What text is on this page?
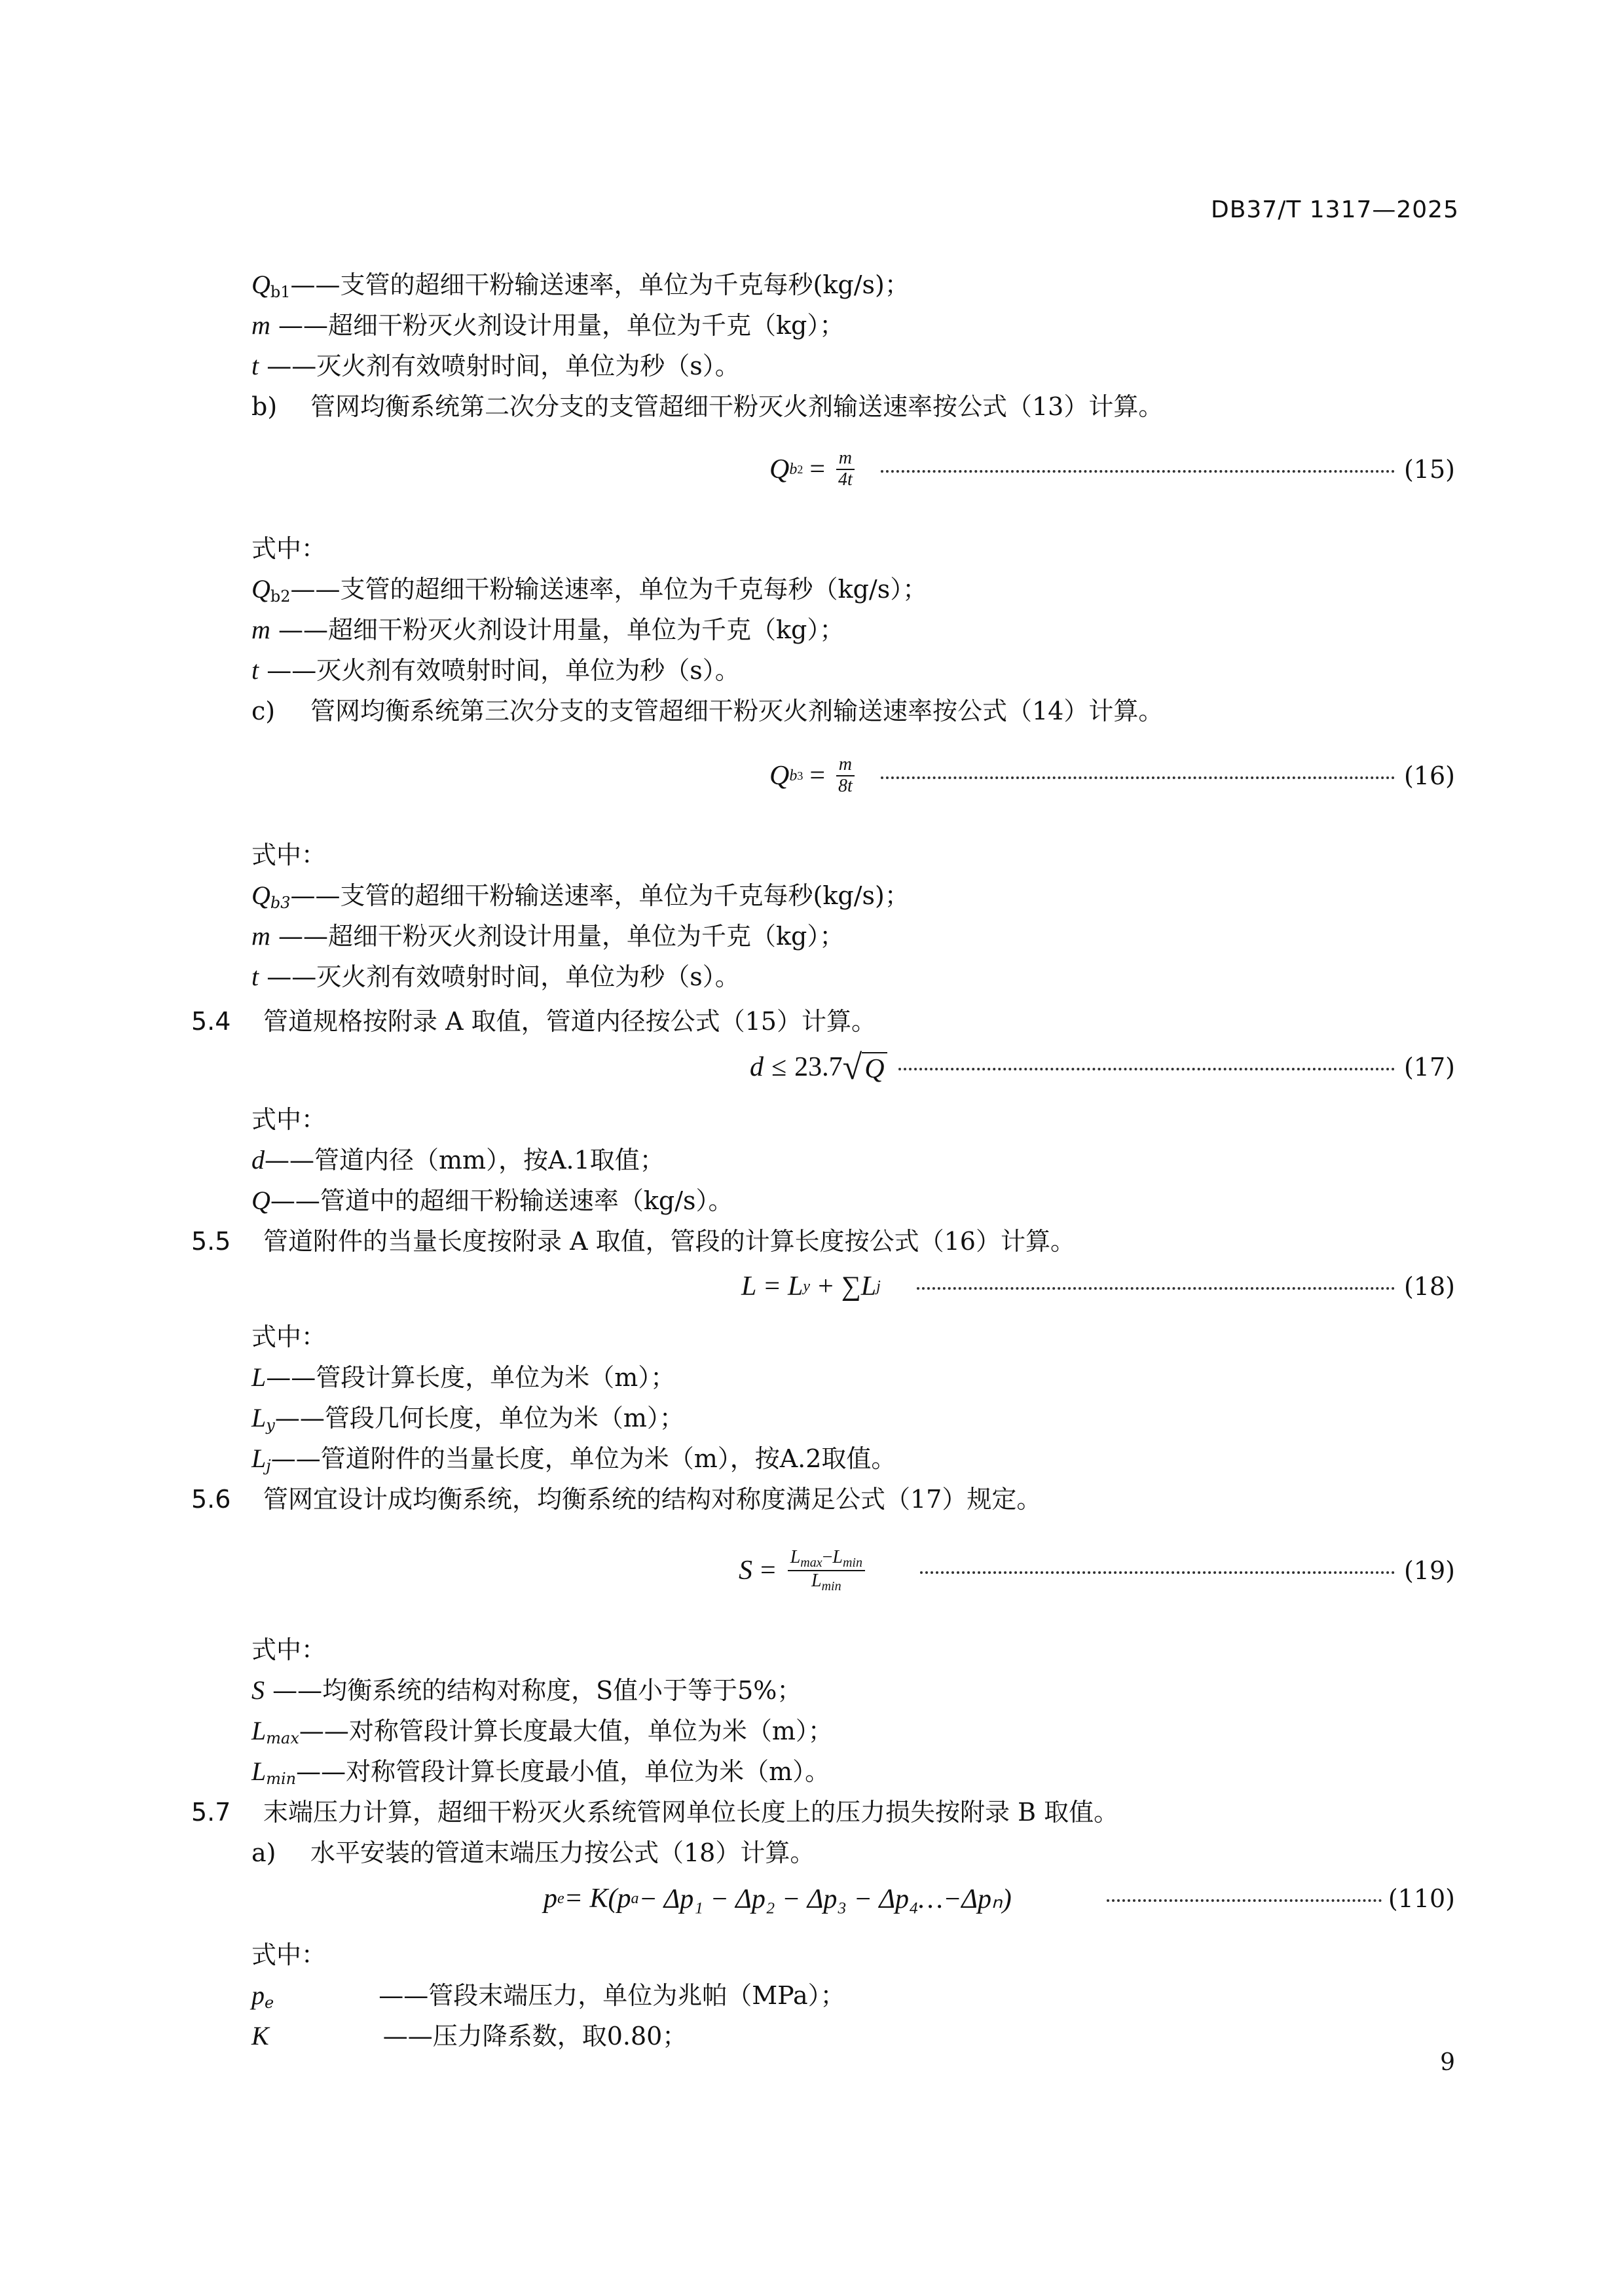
DB37/T 1317—2025
$Q_{b1}——$支管的超细干粉输送速率，单位为千克每秒(kg/s)；
m ——超细干粉灭火剂设计用量，单位为千克（kg）；
t ——灭火剂有效喷射时间，单位为秒（s）。
b) 管网均衡系统第二次分支的支管超细干粉灭火剂输送速率按公式（13）计算。
Q b $2 = \frac{m}{4t}$	(15)
式中：
$Q_{b2}——$支管的超细干粉输送速率，单位为千克每秒（kg/s）；
m ——超细干粉灭火剂设计用量，单位为千克（kg）；
t ——灭火剂有效喷射时间，单位为秒（s）。
c) 管网均衡系统第三次分支的支管超细干粉灭火剂输送速率按公式（14）计算。
Q b $3 = \frac{m}{8t}$	(16)
式中：
Qb3——支管的超细干粉输送速率，单位为千克每秒(kg/s)；
m ——超细干粉灭火剂设计用量，单位为千克（kg）；
t ——灭火剂有效喷射时间，单位为秒（s）。
5.4 管道规格按附录 A 取值，管道内径按公式（15）计算。
d ≤ 23.7 √ Q	(17)
式中：
d——管道内径（mm），按A.1取值；
Q——管道中的超细干粉输送速率（kg/s）。
5.5 管道附件的当量长度按附录 A 取值，管段的计算长度按公式（16）计算。
L = L y + ∑ L j	(18)
式中：
L——管段计算长度，单位为米（m）；
Ly——管段几何长度，单位为米（m）；
Lj——管道附件的当量长度，单位为米（m），按A.2取值。
5.6 管网宜设计成均衡系统，均衡系统的结构对称度满足公式（17）规定。
$S = \frac{L_{max}-L_{min}}{L_{min}}$	(19)
式中：
S ——均衡系统的结构对称度，S值小于等于5%；
Lmax——对称管段计算长度最大值，单位为米（m）；
Lmin——对称管段计算长度最小值，单位为米（m）。
5.7 末端压力计算，超细干粉灭火系统管网单位长度上的压力损失按附录 B 取值。
a) 水平安装的管道末端压力按公式（18）计算。
p e = K(p a − Δp₁ − Δp₂ − Δp₃ − Δp₄…−Δpₙ)	(110)
式中：
pe	——管段末端压力，单位为兆帕（MPa）；
K	——压力降系数，取0.80；
9
